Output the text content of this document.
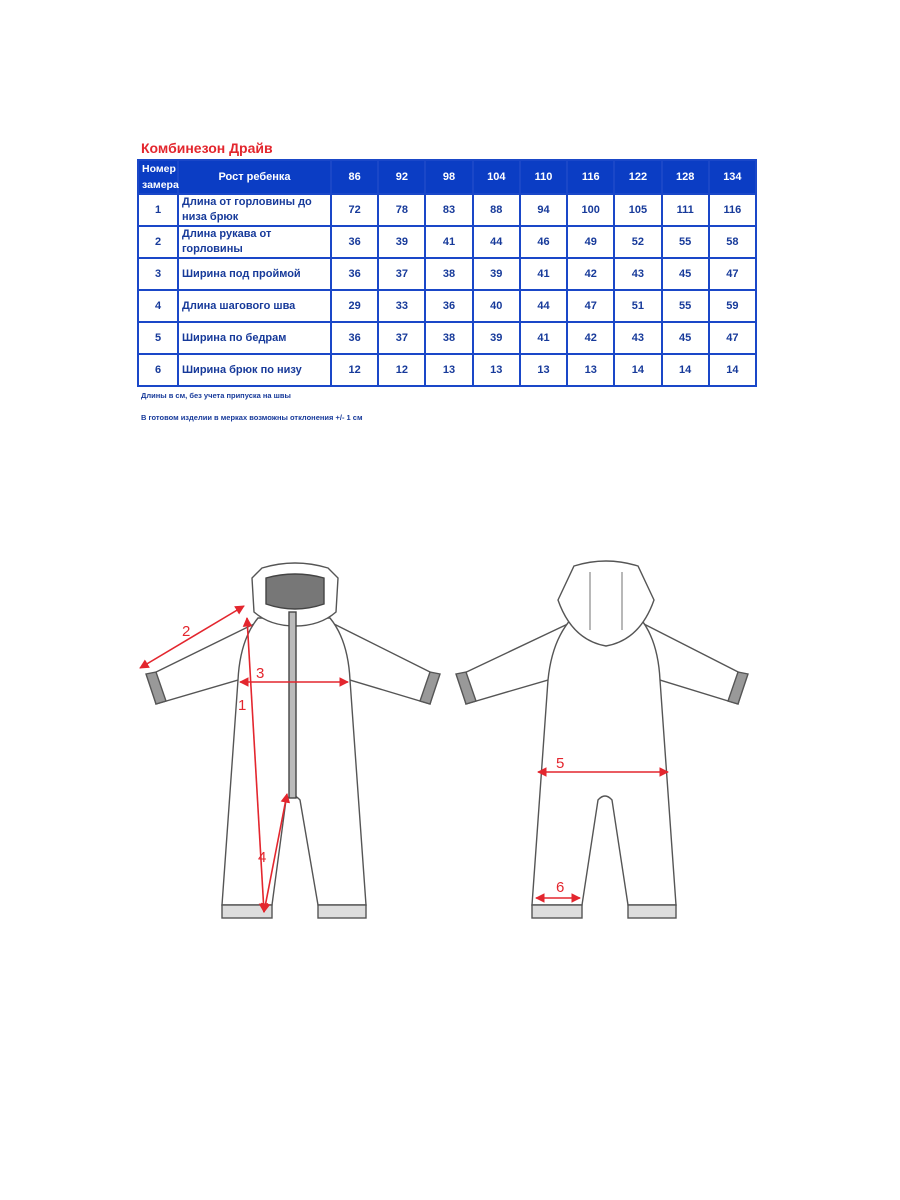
Комбинезон Драйв
Номер замера	Рост ребенка	86	92	98	104	110	116	122	128	134
1	Длина от горловины до низа брюк	72	78	83	88	94	100	105	111	116
2	Длина рукава от горловины	36	39	41	44	46	49	52	55	58
3	Ширина под проймой	36	37	38	39	41	42	43	45	47
4	Длина шагового шва	29	33	36	40	44	47	51	55	59
5	Ширина по бедрам	36	37	38	39	41	42	43	45	47
6	Ширина брюк по низу	12	12	13	13	13	13	14	14	14
Длины в см, без учета припуска на швы
В готовом изделии в мерках возможны отклонения +/- 1 см
1
2
3
4
5
6
